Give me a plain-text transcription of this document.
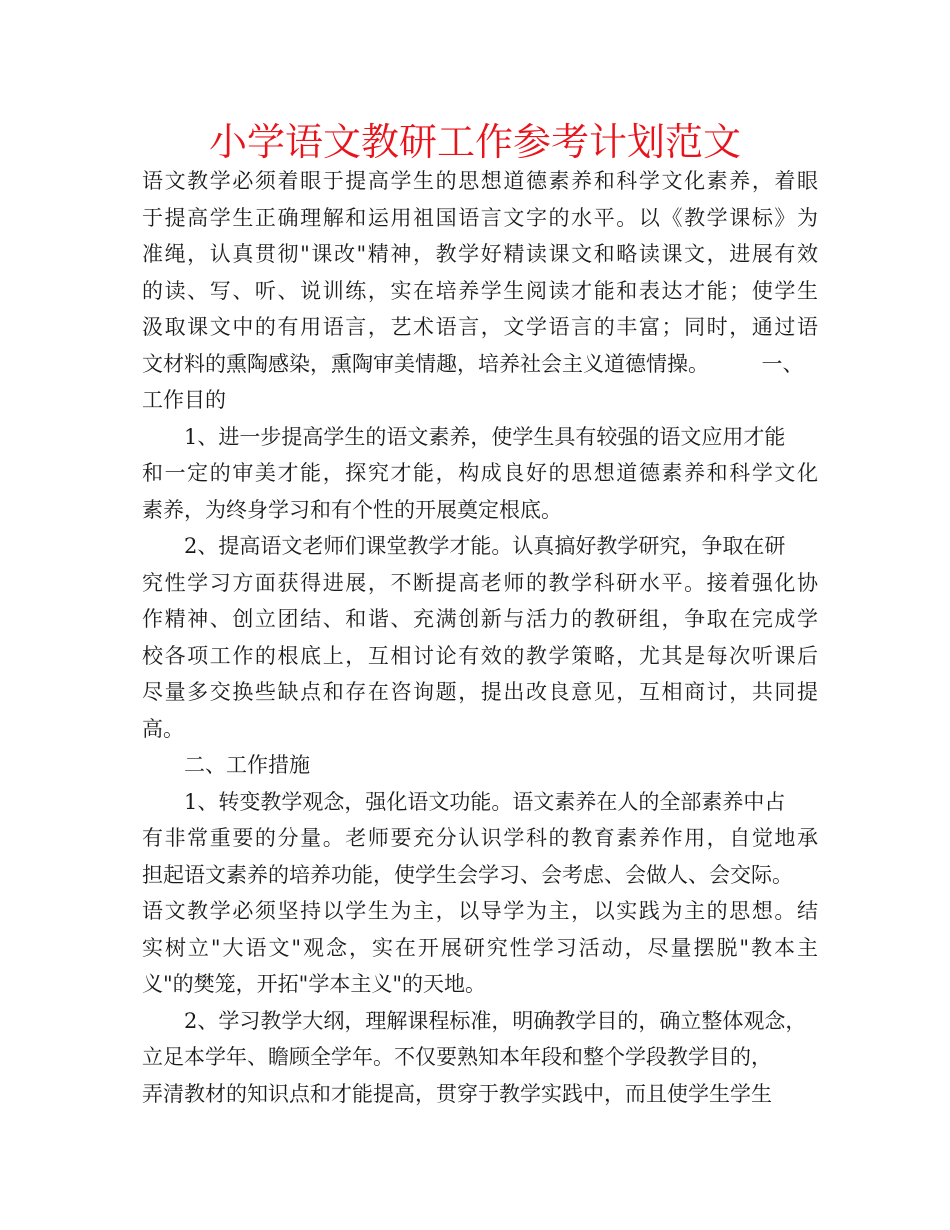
小学语文教研工作参考计划范文
语文教学必须着眼于提高学生的思想道德素养和科学文化素养，着眼
于提高学生正确理解和运用祖国语言文字的水平。以《教学课标》为
准绳，认真贯彻"课改"精神，教学好精读课文和略读课文，进展有效
的读、写、听、说训练，实在培养学生阅读才能和表达才能；使学生
汲取课文中的有用语言，艺术语言，文学语言的丰富；同时，通过语
文材料的熏陶感染，熏陶审美情趣，培养社会主义道德情操。　　　一、
工作目的
1、进一步提高学生的语文素养，使学生具有较强的语文应用才能
和一定的审美才能，探究才能，构成良好的思想道德素养和科学文化
素养，为终身学习和有个性的开展奠定根底。
2、提高语文老师们课堂教学才能。认真搞好教学研究，争取在研
究性学习方面获得进展，不断提高老师的教学科研水平。接着强化协
作精神、创立团结、和谐、充满创新与活力的教研组，争取在完成学
校各项工作的根底上，互相讨论有效的教学策略，尤其是每次听课后
尽量多交换些缺点和存在咨询题，提出改良意见，互相商讨，共同提
高。
二、工作措施
1、转变教学观念，强化语文功能。语文素养在人的全部素养中占
有非常重要的分量。老师要充分认识学科的教育素养作用，自觉地承
担起语文素养的培养功能，使学生会学习、会考虑、会做人、会交际。
语文教学必须坚持以学生为主，以导学为主，以实践为主的思想。结
实树立"大语文"观念，实在开展研究性学习活动，尽量摆脱"教本主
义"的樊笼，开拓"学本主义"的天地。
2、学习教学大纲，理解课程标准，明确教学目的，确立整体观念，
立足本学年、瞻顾全学年。不仅要熟知本年段和整个学段教学目的，
弄清教材的知识点和才能提高，贯穿于教学实践中，而且使学生学生
